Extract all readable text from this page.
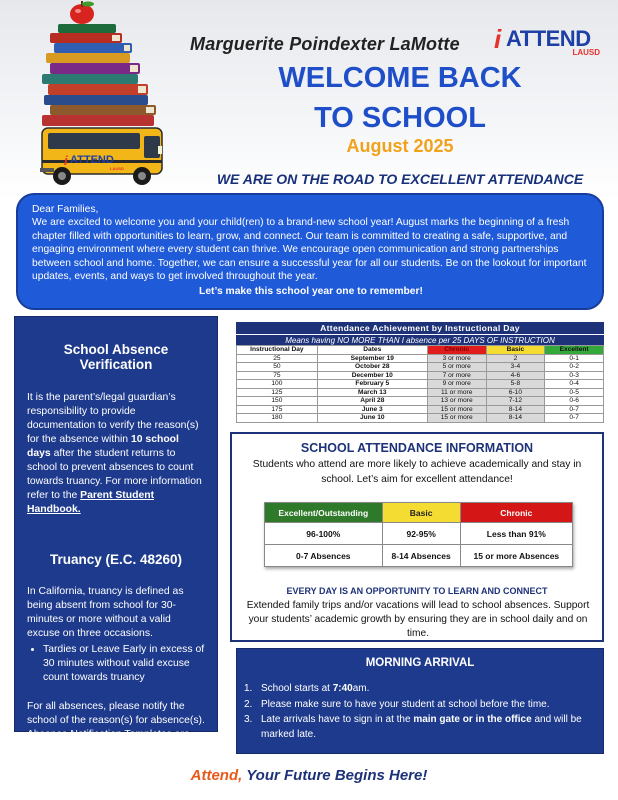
i ATTEND
LAUSD
Marguerite Poindexter LaMotte
WELCOME BACK
TO SCHOOL
August 2025
WE ARE ON THE ROAD TO EXCELLENT ATTENDANCE
i ATTEND
LAUSD
Dear Families,
We are excited to welcome you and your child(ren) to a brand-new school year! August marks the beginning of a fresh chapter filled with opportunities to learn, grow, and connect. Our team is committed to creating a safe, supportive, and engaging environment where every student can thrive. We encourage open communication and strong partnerships between school and home. Together, we can ensure a successful year for all our students. Be on the lookout for important updates, events, and ways to get involved throughout the year.
Let’s make this school year one to remember!
School Absence Verification

It is the parent’s/legal guardian’s responsibility to provide documentation to verify the reason(s) for the absence within 10 school days after the student returns to school to prevent absences to count towards truancy. For more information refer to the Parent Student Handbook.

Truancy (E.C. 48260)

In California, truancy is defined as being absent from school for 30-minutes or more without a valid excuse on three occasions.

• Tardies or Leave Early in excess of 30 minutes without valid excuse count towards truancy

For all absences, please notify the school of the reason(s) for absence(s). Absence Notification Templates are available in the main office.

Attendance Achievement by Instructional Day
Means having NO MORE THAN I absence per 25 DAYS OF INSTRUCTION
Instructional Day	Dates	Chronic	Basic	Excellent
25	September 19	3 or more	2	0-1
50	October 28	5 or more	3-4	0-2
75	December 10	7 or more	4-6	0-3
100	February 5	9 or more	5-8	0-4
125	March 13	11 or more	6-10	0-5
150	April 28	13 or more	7-12	0-6
175	June 3	15 or more	8-14	0-7
180	June 10	15 or more	8-14	0-7
SCHOOL ATTENDANCE INFORMATION
Students who attend are more likely to achieve academically and stay in school. Let’s aim for excellent attendance!
Excellent/Outstanding	Basic	Chronic
96-100%	92-95%	Less than 91%
0-7 Absences	8-14 Absences	15 or more Absences
EVERY DAY IS AN OPPORTUNITY TO LEARN AND CONNECT
Extended family trips and/or vacations will lead to school absences. Support your students’ academic growth by ensuring they are in school daily and on time.
MORNING ARRIVAL
1. School starts at 7:40am.
2. Please make sure to have your student at school before the time.
3. Late arrivals have to sign in at the main gate or in the office and will be marked late.
Attend, Your Future Begins Here!
